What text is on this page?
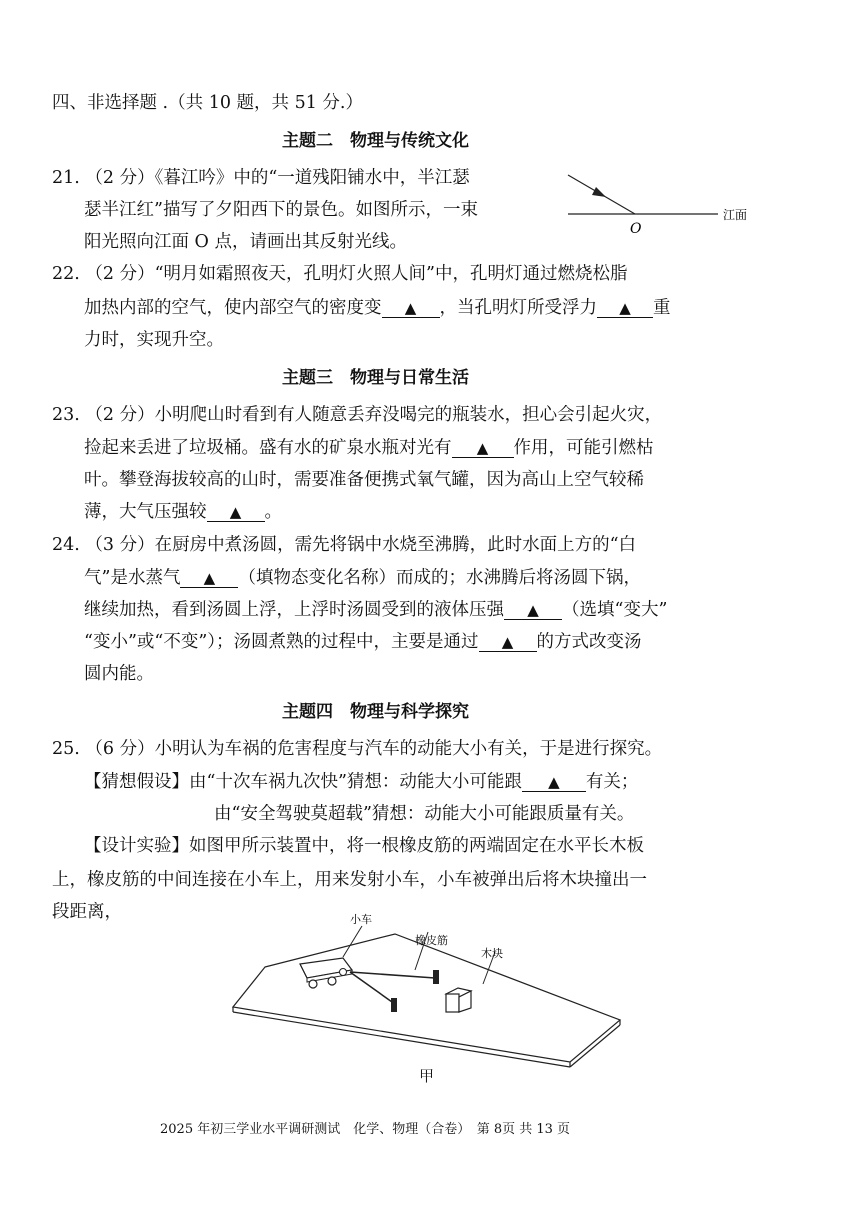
四、非选择题 .（共 10 题，共 51 分.）
主题二　物理与传统文化
21. （2 分）《暮江吟》中的“一道残阳铺水中，半江瑟
瑟半江红”描写了夕阳西下的景色。如图所示，一束
阳光照向江面 O 点，请画出其反射光线。
O
江面
22. （2 分）“明月如霜照夜天，孔明灯火照人间”中，孔明灯通过燃烧松脂
加热内部的空气，使内部空气的密度变 ▲ ，当孔明灯所受浮力 ▲ 重
力时，实现升空。
主题三　物理与日常生活
23. （2 分）小明爬山时看到有人随意丢弃没喝完的瓶装水，担心会引起火灾，
捡起来丢进了垃圾桶。盛有水的矿泉水瓶对光有 ▲ 作用，可能引燃枯
叶。攀登海拔较高的山时，需要准备便携式氧气罐，因为高山上空气较稀
薄，大气压强较 ▲ 。
24. （3 分）在厨房中煮汤圆，需先将锅中水烧至沸腾，此时水面上方的“白
气”是水蒸气 ▲ （填物态变化名称）而成的；水沸腾后将汤圆下锅，
继续加热，看到汤圆上浮，上浮时汤圆受到的液体压强 ▲ （选填“变大”
“变小”或“不变”）；汤圆煮熟的过程中，主要是通过 ▲ 的方式改变汤
圆内能。
主题四　物理与科学探究
25. （6 分）小明认为车祸的危害程度与汽车的动能大小有关，于是进行探究。
【猜想假设】由“十次车祸九次快”猜想：动能大小可能跟 ▲ 有关；
由“安全驾驶莫超载”猜想：动能大小可能跟质量有关。
【设计实验】如图甲所示装置中，将一根橡皮筋的两端固定在水平长木板
上，橡皮筋的中间连接在小车上，用来发射小车，小车被弹出后将木块撞出一
段距离，	小车
橡皮筋
木块
甲
2025 年初三学业水平调研测试　化学、物理（合卷）　第 8页 共 13 页
